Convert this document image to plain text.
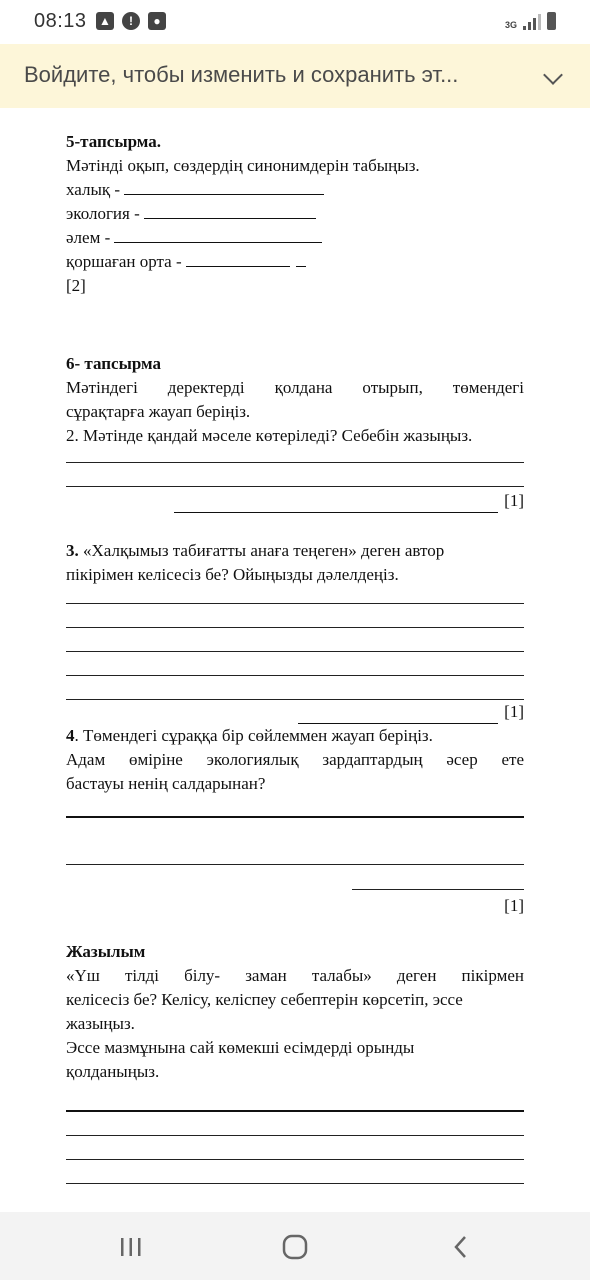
08:13 ▲	!	●	3G
Войдите, чтобы изменить и сохранить эт...

5-тапсырма.

Мәтінді оқып, сөздердің синонимдерін табыңыз.

халық -
экология -
әлем -
қоршаған орта -

[2]

6- тапсырма

Мәтіндегі деректерді қолдана отырып, төмендегі

сұрақтарға жауап беріңіз.

2. Мәтінде қандай мәселе көтеріледі? Себебін жазыңыз.

[1]

3. «Халқымыз табиғатты анаға теңеген» деген автор

пікірімен келісесіз бе? Ойыңызды дәлелдеңіз.

[1]

4. Төмендегі сұраққа бір сөйлеммен жауап беріңіз.

Адам өміріне экологиялық зардаптардың әсер ете

бастауы ненің салдарынан?

[1]

Жазылым

«Үш тілді білу- заман талабы» деген пікірмен

келісесіз бе? Келісу, келіспеу себептерін көрсетіп, эссе

жазыңыз.

Эссе мазмұнына сай көмекші есімдерді орынды

қолданыңыз.
